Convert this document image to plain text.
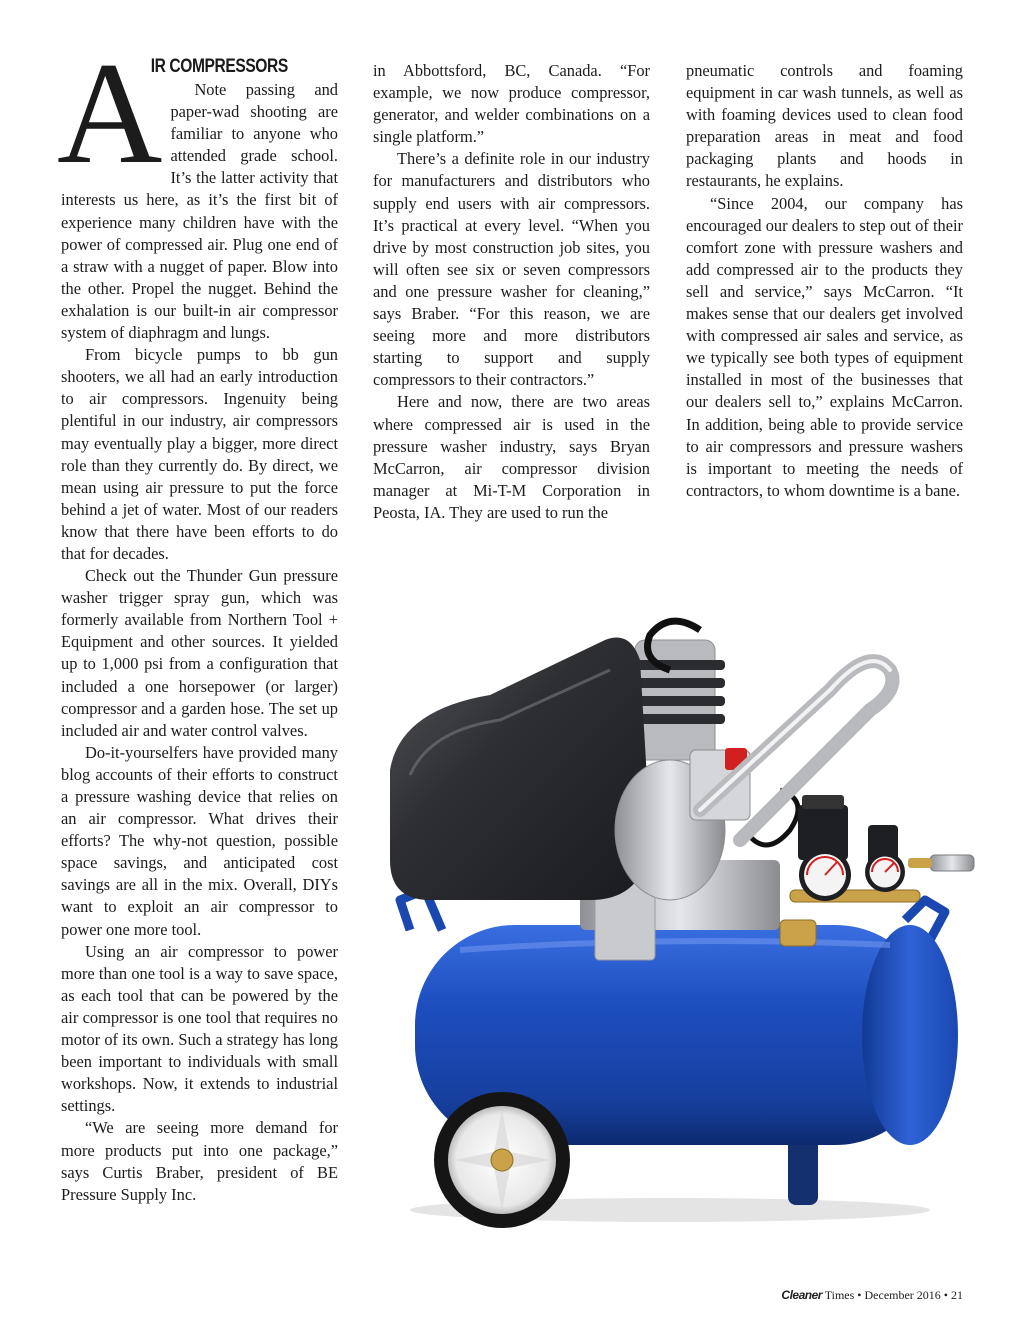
A
IR COMPRESSORS

Note passing and paper-wad shooting are familiar to anyone who attended grade school. It’s the latter activity that interests us here, as it’s the first bit of experience many children have with the power of compressed air. Plug one end of a straw with a nugget of paper. Blow into the other. Propel the nugget. Behind the exhalation is our built-in air compressor system of diaphragm and lungs.

From bicycle pumps to bb gun shooters, we all had an early introduction to air compressors. Ingenuity being plentiful in our industry, air compressors may eventually play a bigger, more direct role than they currently do. By direct, we mean using air pressure to put the force behind a jet of water. Most of our readers know that there have been efforts to do that for decades.

Check out the Thunder Gun pressure washer trigger spray gun, which was formerly available from Northern Tool + Equipment and other sources. It yielded up to 1,000 psi from a configuration that included a one horsepower (or larger) compressor and a garden hose. The set up included air and water control valves.

Do-it-yourselfers have provided many blog accounts of their efforts to construct a pressure washing device that relies on an air compressor. What drives their efforts? The why-not question, possible space savings, and anticipated cost savings are all in the mix. Overall, DIYs want to exploit an air compressor to power one more tool.

Using an air compressor to power more than one tool is a way to save space, as each tool that can be powered by the air compressor is one tool that requires no motor of its own. Such a strategy has long been important to individuals with small workshops. Now, it extends to industrial settings.

“We are seeing more demand for more products put into one package,” says Curtis Braber, president of BE Pressure Supply Inc.

in Abbottsford, BC, Canada. “For example, we now produce compressor, generator, and welder combinations on a single platform.”

There’s a definite role in our industry for manufacturers and distributors who supply end users with air compressors. It’s practical at every level. “When you drive by most construction job sites, you will often see six or seven compressors and one pressure washer for cleaning,” says Braber. “For this reason, we are seeing more and more distributors starting to support and supply compressors to their contractors.”

Here and now, there are two areas where compressed air is used in the pressure washer industry, says Bryan McCarron, air compressor division manager at Mi-T-M Corporation in Peosta, IA. They are used to run the

pneumatic controls and foaming equipment in car wash tunnels, as well as with foaming devices used to clean food preparation areas in meat and food packaging plants and hoods in restaurants, he explains.

“Since 2004, our company has encouraged our dealers to step out of their comfort zone with pressure washers and add compressed air to the products they sell and service,” says McCarron. “It makes sense that our dealers get involved with compressed air sales and service, as we typically see both types of equipment installed in most of the businesses that our dealers sell to,” explains McCarron. In addition, being able to provide service to air compressors and pressure washers is important to meeting the needs of contractors, to whom downtime is a bane.

Cleaner Times • December 2016 • 21
